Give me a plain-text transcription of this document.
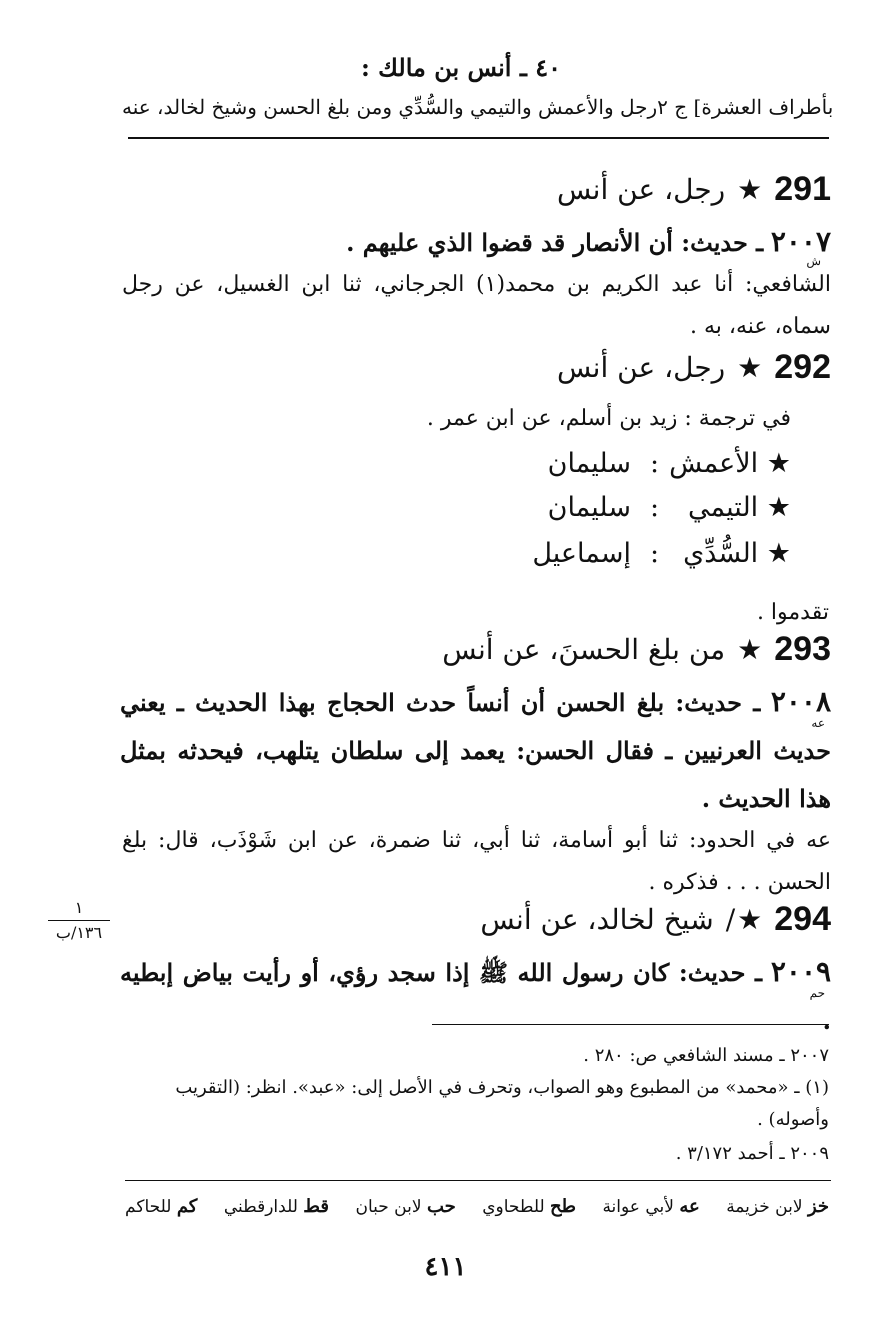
٤٠ ـ أنس بن مالك :
رجل والأعمش والتيمي والسُّدِّي ومن بلغ الحسن وشيخ لخالد، عنه بأطراف العشرة] ج ٢
291
★
رجل، عن أنس
٢٠٠٧ ـ حديث: أن الأنصار قد قضوا الذي عليهم .
ش
الشافعي: أنا عبد الكريم بن محمد(١) الجرجاني، ثنا ابن الغسيل، عن رجل سماه، عنه، به .
292
★
رجل، عن أنس
في ترجمة : زيد بن أسلم، عن ابن عمر .
★ الأعمش : سليمان
★ التيمي : سليمان
★ السُّدِّي : إسماعيل
تقدموا .
293
★
من بلغ الحسنَ، عن أنس
٢٠٠٨ ـ حديث: بلغ الحسن أن أنساً حدث الحجاج بهذا الحديث ـ يعني حديث العرنيين ـ فقال الحسن: يعمد إلى سلطان يتلهب، فيحدثه بمثل هذا الحديث .
عه
عه في الحدود: ثنا أبو أسامة، ثنا أبي، ثنا ضمرة، عن ابن شَوْذَب، قال: بلغ الحسن . . . فذكره .
١
١٣٦/ب	294
★
/
شيخ لخالد، عن أنس
٢٠٠٩ ـ حديث: كان رسول الله ﷺ إذا سجد رؤي، أو رأيت بياض إبطيه .
حم
٢٠٠٧ ـ مسند الشافعي ص: ٢٨٠ .
(١) ـ «محمد» من المطبوع وهو الصواب، وتحرف في الأصل إلى: «عبد». انظر: (التقريب وأصوله) .
٢٠٠٩ ـ أحمد ٣/١٧٢ .
خز لابن خزيمة
عه لأبي عوانة
طح للطحاوي
حب لابن حبان
قط للدارقطني
كم للحاكم
٤١١
